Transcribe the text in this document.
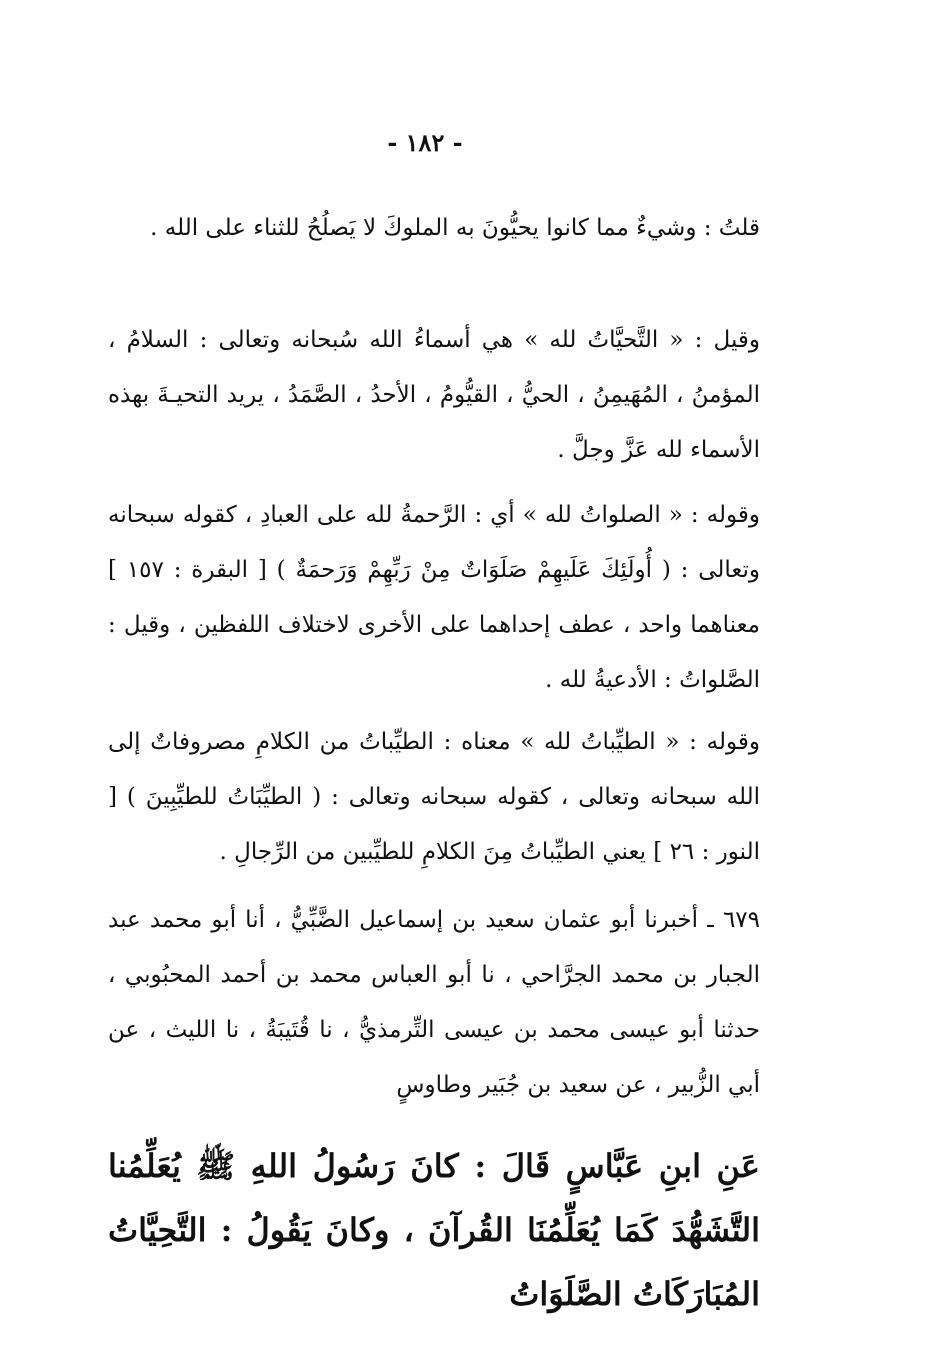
- ١٨٢ -

قلتُ : وشيءٌ مما كانوا يحيُّونَ به الملوكَ لا يَصلُحُ للثناء على الله .

وقيل : « التَّحيَّاتُ لله » هي أسماءُ الله سُبحانه وتعالى : السلامُ ، المؤمنُ ، المُهَيمِنُ ، الحيُّ ، القيُّومُ ، الأحدُ ، الصَّمَدُ ، يريد التحيـةَ بهذه الأسماء لله عَزَّ وجلَّ .

وقوله : « الصلواتُ لله » أي : الرَّحمةُ لله على العبادِ ، كقوله سبحانه وتعالى : ( أُولَئِكَ عَلَيهِمْ صَلَوَاتٌ مِنْ رَبِّهِمْ وَرَحمَةٌ ) [ البقرة : ١٥٧ ] معناهما واحد ، عطف إحداهما على الأخرى لاختلاف اللفظين ، وقيل : الصَّلواتُ : الأدعيةُ لله .

وقوله : « الطيِّباتُ لله » معناه : الطيِّباتُ من الكلامِ مصروفاتٌ إلى الله سبحانه وتعالى ، كقوله سبحانه وتعالى : ( الطيِّبَاتُ للطيِّبِينَ ) [ النور : ٢٦ ] يعني الطيِّباتُ مِنَ الكلامِ للطيِّبين من الرِّجالِ .

٦٧٩ ـ أخبرنا أبو عثمان سعيد بن إسماعيل الضَّبِّيُّ ، أنا أبو محمد عبد الجبار بن محمد الجرَّاحي ، نا أبو العباس محمد بن أحمد المحبُوبي ، حدثنا أبو عيسى محمد بن عيسى التِّرمذيُّ ، نا قُتَيبَةُ ، نا الليث ، عن أبي الزُّبير ، عن سعيد بن جُبَير وطاوسٍ

عَنِ ابنِ عَبَّاسٍ قَالَ : كانَ رَسُولُ اللهِ ﷺ يُعَلِّمُنا التَّشَهُّدَ كَمَا يُعَلِّمُنَا القُرآنَ ، وكانَ يَقُولُ : التَّحِيَّاتُ المُبَارَكَاتُ الصَّلَوَاتُ
